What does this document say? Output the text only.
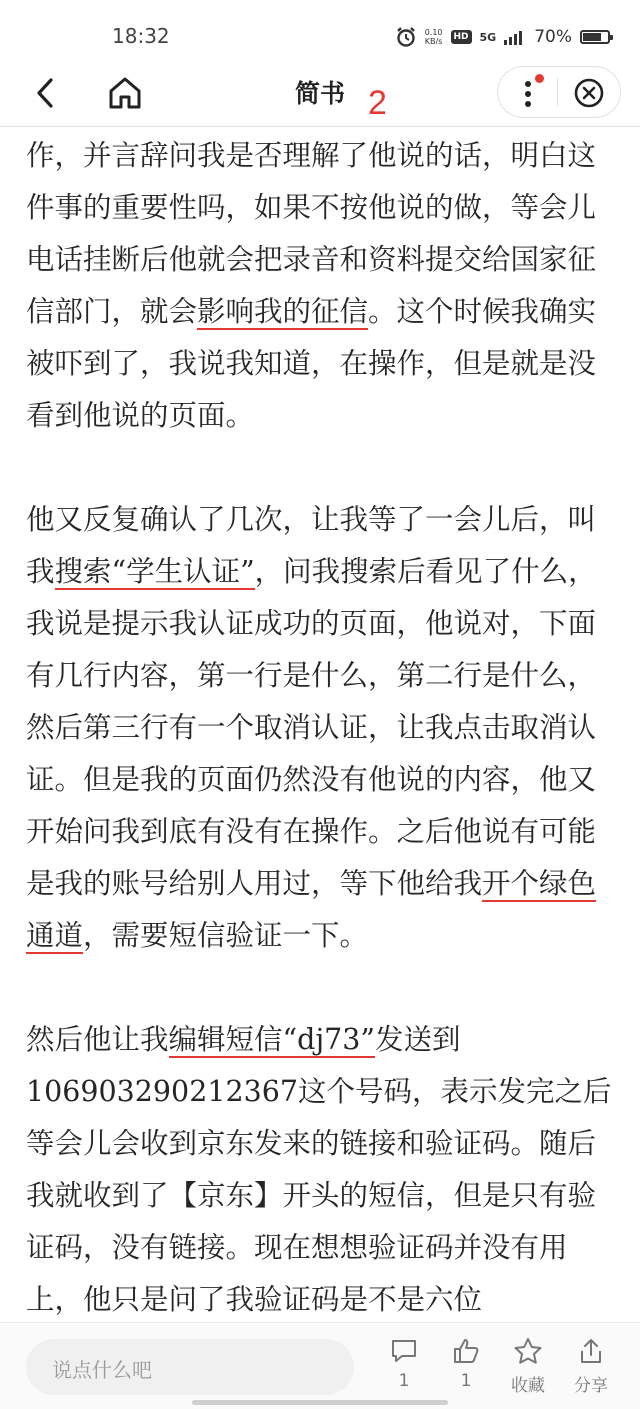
18:32	0.10
KB/s	HD 5G 70%
简书 2

作，并言辞问我是否理解了他说的话，明白这件事的重要性吗，如果不按他说的做，等会儿电话挂断后他就会把录音和资料提交给国家征信部门，就会影响我的征信。这个时候我确实被吓到了，我说我知道，在操作，但是就是没看到他说的页面。

他又反复确认了几次，让我等了一会儿后，叫我搜索“学生认证”，问我搜索后看见了什么，我说是提示我认证成功的页面，他说对，下面有几行内容，第一行是什么，第二行是什么，然后第三行有一个取消认证，让我点击取消认证。但是我的页面仍然没有他说的内容，他又开始问我到底有没有在操作。之后他说有可能是我的账号给别人用过，等下他给我开个绿色通道，需要短信验证一下。

然后他让我编辑短信“dj73”发送到106903290212367这个号码，表示发完之后等会儿会收到京东发来的链接和验证码。随后我就收到了【京东】开头的短信，但是只有验证码，没有链接。现在想想验证码并没有用上，他只是问了我验证码是不是六位

说点什么吧	1	1	收藏	分享
